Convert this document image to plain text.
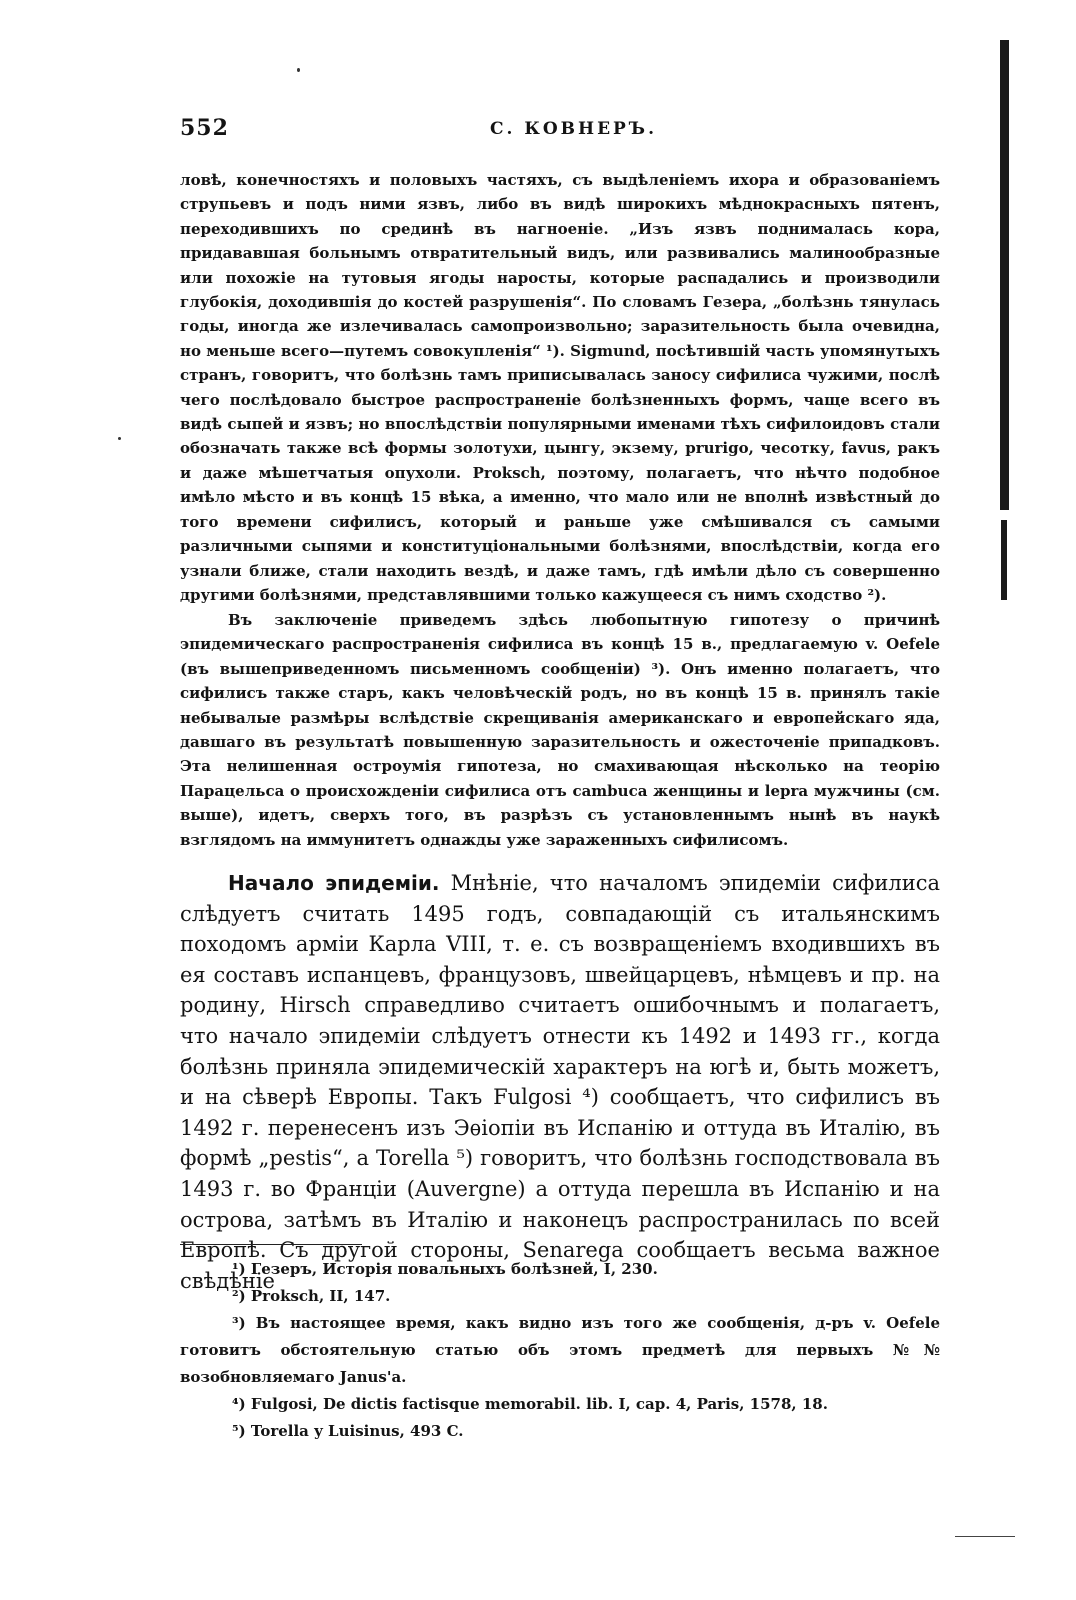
552	С. КОВНЕРЪ.

ловѣ, конечностяхъ и половыхъ частяхъ, съ выдѣленіемъ ихора и образованіемъ струпьевъ и подъ ними язвъ, либо въ видѣ широкихъ мѣднокрасныхъ пятенъ, переходившихъ по срединѣ въ нагноеніе. „Изъ язвъ поднималась кора, придававшая больнымъ отвратительный видъ, или развивались малинообразные или похожіе на тутовыя ягоды наросты, которые распадались и производили глубокія, доходившія до костей разрушенія“. По словамъ Гезера, „болѣзнь тянулась годы, иногда же излечивалась самопроизвольно; заразительность была очевидна, но меньше всего—путемъ совокупленія“ ¹). Sigmund, посѣтившій часть упомянутыхъ странъ, говоритъ, что болѣзнь тамъ приписывалась заносу сифилиса чужими, послѣ чего послѣдовало быстрое распространеніе болѣзненныхъ формъ, чаще всего въ видѣ сыпей и язвъ; но впослѣдствіи популярными именами тѣхъ сифилоидовъ стали обозначать также всѣ формы золотухи, цынгу, экзему, prurigo, чесотку, favus, ракъ и даже мѣшетчатыя опухоли. Proksch, поэтому, полагаетъ, что нѣчто подобное имѣло мѣсто и въ концѣ 15 вѣка, а именно, что мало или не вполнѣ извѣстный до того времени сифилисъ, который и раньше уже смѣшивался съ самыми различными сыпями и конституціональными болѣзнями, впослѣдствіи, когда его узнали ближе, стали находить вездѣ, и даже тамъ, гдѣ имѣли дѣло съ совершенно другими болѣзнями, представлявшими только кажущееся съ нимъ сходство ²).

Въ заключеніе приведемъ здѣсь любопытную гипотезу о причинѣ эпидемическаго распространенія сифилиса въ концѣ 15 в., предлагаемую v. Oefele (въ вышеприведенномъ письменномъ сообщеніи) ³). Онъ именно полагаетъ, что сифилисъ также старъ, какъ человѣческій родъ, но въ концѣ 15 в. принялъ такіе небывалые размѣры вслѣдствіе скрещиванія американскаго и европейскаго яда, давшаго въ результатѣ повышенную заразительность и ожесточеніе припадковъ. Эта нелишенная остроумія гипотеза, но смахивающая нѣсколько на теорію Парацельса о происхожденіи сифилиса отъ cambuca женщины и lepra мужчины (см. выше), идетъ, сверхъ того, въ разрѣзъ съ установленнымъ нынѣ въ наукѣ взглядомъ на иммунитетъ однажды уже зараженныхъ сифилисомъ.

Начало эпидеміи. Мнѣніе, что началомъ эпидеміи сифилиса слѣдуетъ считать 1495 годъ, совпадающій съ итальянскимъ походомъ арміи Карла VIII, т. е. съ возвращеніемъ входившихъ въ ея составъ испанцевъ, французовъ, швейцарцевъ, нѣмцевъ и пр. на родину, Hirsch справедливо считаетъ ошибочнымъ и полагаетъ, что начало эпидеміи слѣдуетъ отнести къ 1492 и 1493 гг., когда болѣзнь приняла эпидемическій характеръ на югѣ и, быть можетъ, и на сѣверѣ Европы. Такъ Fulgosi ⁴) сообщаетъ, что сифилисъ въ 1492 г. перенесенъ изъ Эѳіопіи въ Испанію и оттуда въ Италію, въ формѣ „pestis“, а Torella ⁵) говоритъ, что болѣзнь господствовала въ 1493 г. во Франціи (Auvergne) а оттуда перешла въ Испанію и на острова, затѣмъ въ Италію и наконецъ распространилась по всей Европѣ. Съ другой стороны, Senarega сообщаетъ весьма важное свѣдѣніе

¹) Гезеръ, Исторія повальныхъ болѣзней, I, 230.

²) Proksch, II, 147.

³) Въ настоящее время, какъ видно изъ того же сообщенія, д-ръ v. Oefele готовитъ обстоятельную статью объ этомъ предметѣ для первыхъ №№ возобновляемаго Janus'а.

⁴) Fulgosi, De dictis factisque memorabil. lib. I, cap. 4, Paris, 1578, 18.

⁵) Torella y Luisinus, 493 C.
